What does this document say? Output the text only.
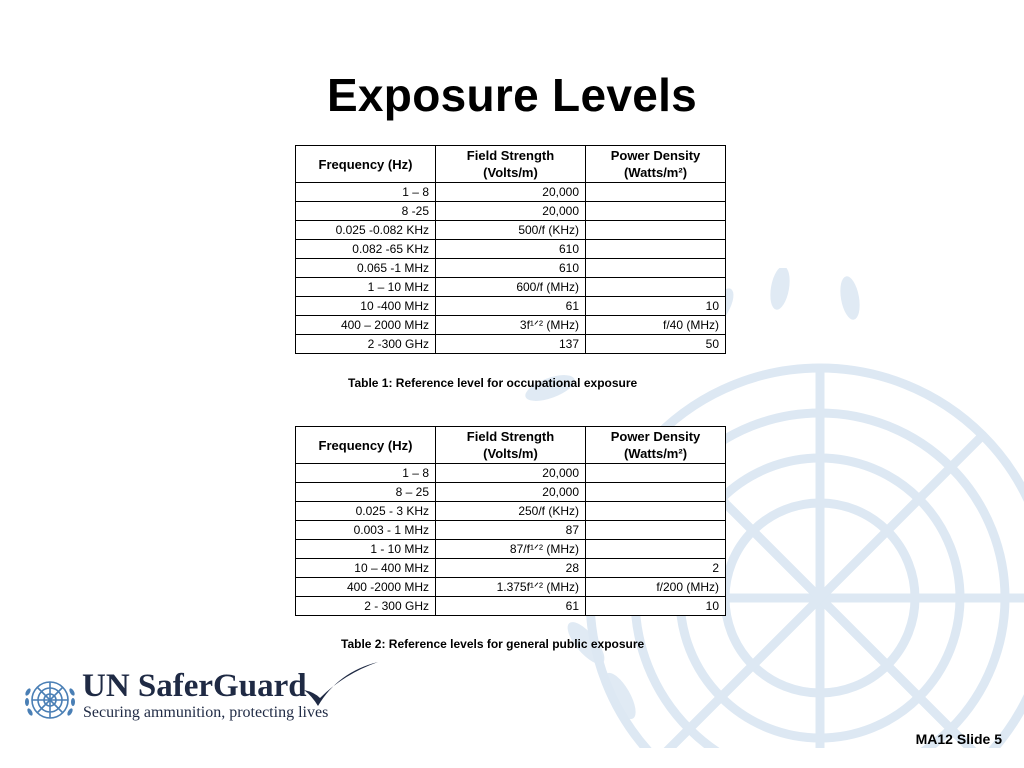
Exposure Levels
Frequency (Hz)	Field Strength (Volts/m)	Power Density (Watts/m²)
1 – 8	20,000	
8 -25	20,000	
0.025 -0.082 KHz	500/f (KHz)	
0.082 -65 KHz	610	
0.065 -1 MHz	610	
1 – 10 MHz	600/f (MHz)	
10 -400 MHz	61	10
400 – 2000 MHz	3f¹ᐟ² (MHz)	f/40 (MHz)
2 -300 GHz	137	50
Table 1: Reference level for occupational exposure
Frequency (Hz)	Field Strength (Volts/m)	Power Density (Watts/m²)
1 – 8	20,000	
8 – 25	20,000	
0.025 - 3 KHz	250/f (KHz)	
0.003 - 1 MHz	87	
1 - 10 MHz	87/f¹ᐟ² (MHz)	
10 – 400 MHz	28	2
400 -2000 MHz	1.375f¹ᐟ² (MHz)	f/200 (MHz)
2 - 300 GHz	61	10
Table 2: Reference levels for general public exposure
UN SaferGuard
Securing ammunition, protecting lives
MA12 Slide 5
